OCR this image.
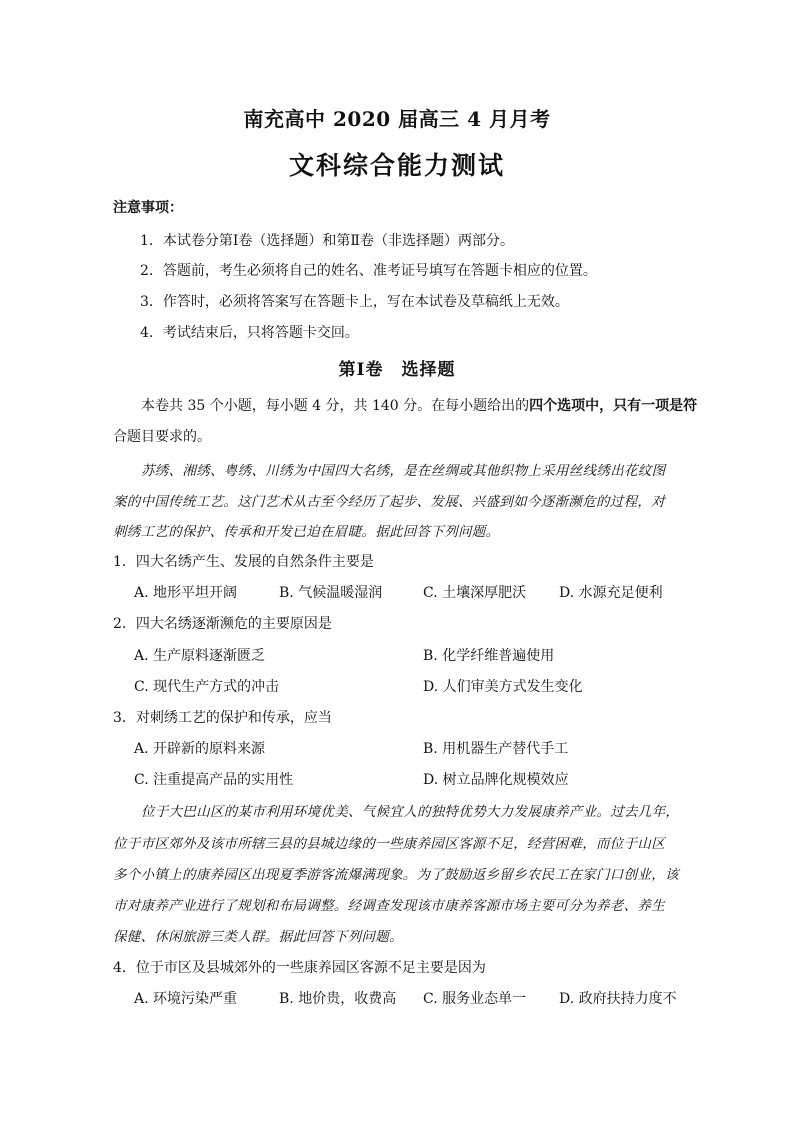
南充高中 2020 届高三 4 月月考
文科综合能力测试
注意事项：
1．本试卷分第Ⅰ卷（选择题）和第Ⅱ卷（非选择题）两部分。
2．答题前，考生必须将自己的姓名、准考证号填写在答题卡相应的位置。
3．作答时，必须将答案写在答题卡上，写在本试卷及草稿纸上无效。
4．考试结束后，只将答题卡交回。
第Ⅰ卷　选择题
本卷共 35 个小题，每小题 4 分，共 140 分。在每小题给出的四个选项中，只有一项是符
合题目要求的。
苏绣、湘绣、粤绣、川绣为中国四大名绣，是在丝绸或其他织物上采用丝线绣出花纹图
案的中国传统工艺。这门艺术从古至今经历了起步、发展、兴盛到如今逐渐濒危的过程，对
刺绣工艺的保护、传承和开发已迫在眉睫。据此回答下列问题。
1．四大名绣产生、发展的自然条件主要是
A. 地形平坦开阔	B. 气候温暖湿润	C. 土壤深厚肥沃 D. 水源充足便利
2．四大名绣逐渐濒危的主要原因是
A. 生产原料逐渐匮乏	B. 化学纤维普遍使用
C. 现代生产方式的冲击	D. 人们审美方式发生变化
3．对刺绣工艺的保护和传承，应当
A. 开辟新的原料来源	B. 用机器生产替代手工
C. 注重提高产品的实用性	D. 树立品牌化规模效应
位于大巴山区的某市利用环境优美、气候宜人的独特优势大力发展康养产业。过去几年，
位于市区郊外及该市所辖三县的县城边缘的一些康养园区客源不足，经营困难，而位于山区
多个小镇上的康养园区出现夏季游客流爆满现象。为了鼓励返乡留乡农民工在家门口创业，该
市对康养产业进行了规划和布局调整。经调查发现该市康养客源市场主要可分为养老、养生
保健、休闲旅游三类人群。据此回答下列问题。
4．位于市区及县城郊外的一些康养园区客源不足主要是因为
A. 环境污染严重	B. 地价贵，收费高 C. 服务业态单一 D. 政府扶持力度不
